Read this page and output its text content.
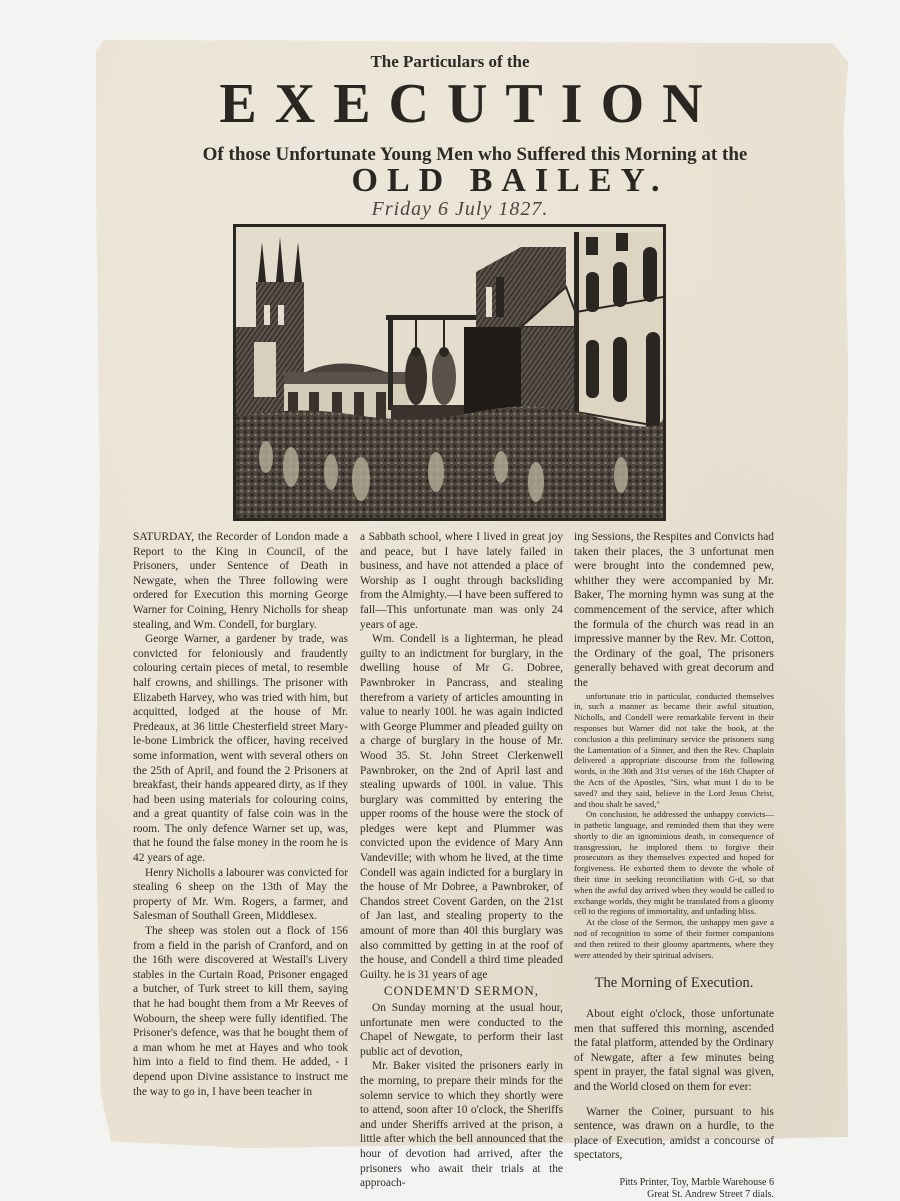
The Particulars of the
EXECUTION
Of those Unfortunate Young Men who Suffered this Morning at the
OLD BAILEY.
Friday 6 July 1827.

SATURDAY, the Recorder of London made a Report to the King in Council, of the Prisoners, under Sentence of Death in Newgate, when the Three following were ordered for Execution this morning George Warner for Coining, Henry Nicholls for sheap stealing, and Wm. Condell, for burglary.

George Warner, a gardener by trade, was convicted for feloniously and fraudently colouring certain pieces of metal, to resemble half crowns, and shillings. The prisoner with Elizabeth Harvey, who was tried with him, but acquitted, lodged at the house of Mr. Predeaux, at 36 little Chesterfield street Mary-le-bone Limbrick the officer, having received some information, went with several others on the 25th of April, and found the 2 Prisoners at breakfast, their hands appeared dirty, as if they had been using materials for colouring coins, and a great quantity of false coin was in the room. The only defence Warner set up, was, that he found the false money in the room he is 42 years of age.

Henry Nicholls a labourer was convicted for stealing 6 sheep on the 13th of May the property of Mr. Wm. Rogers, a farmer, and Salesman of Southall Green, Middlesex.

The sheep was stolen out a flock of 156 from a field in the parish of Cranford, and on the 16th were discovered at Westall's Livery stables in the Curtain Road, Prisoner engaged a butcher, of Turk street to kill them, saying that he had bought them from a Mr Reeves of Wobourn, the sheep were fully identified. The Prisoner's defence, was that he bought them of a man whom he met at Hayes and who took him into a field to find them. He added, - I depend upon Divine assistance to instruct me the way to go in, I have been teacher in

a Sabbath school, where I lived in great joy and peace, but I have lately failed in business, and have not attended a place of Worship as I ought through backsliding from the Almighty.—I have been suffered to fall—This unfortunate man was only 24 years of age.

Wm. Condell is a lighterman, he plead guilty to an indictment for burglary, in the dwelling house of Mr G. Dobree, Pawnbroker in Pancrass, and stealing therefrom a variety of articles amounting in value to nearly 100l. he was again indicted with George Plummer and pleaded guilty on a charge of burglary in the house of Mr. Wood 35. St. John Street Clerkenwell Pawnbroker, on the 2nd of April last and stealing upwards of 100l. in value. This burglary was committed by entering the upper rooms of the house were the stock of pledges were kept and Plummer was convicted upon the evidence of Mary Ann Vandeville; with whom he lived, at the time Condell was again indicted for a burglary in the house of Mr Dobree, a Pawnbroker, of Chandos street Covent Garden, on the 21st of Jan last, and stealing property to the amount of more than 40l this burglary was also committed by getting in at the roof of the house, and Condell a third time pleaded Guilty. he is 31 years of age

CONDEMN'D SERMON,

On Sunday morning at the usual hour, unfortunate men were conducted to the Chapel of Newgate, to perform their last public act of devotion,

Mr. Baker visited the prisoners early in the morning, to prepare their minds for the solemn service to which they shortly were to attend, soon after 10 o'clock, the Sheriffs and under Sheriffs arrived at the prison, a little after which the bell announced that the hour of devotion had arrived, after the prisoners who await their trials at the approach-

ing Sessions, the Respites and Convicts had taken their places, the 3 unfortunat men were brought into the condemned pew, whither they were accompanied by Mr. Baker, The morning hymn was sung at the commencement of the service, after which the formula of the church was read in an impressive manner by the Rev. Mr. Cotton, the Ordinary of the goal, The prisoners generally behaved with great decorum and the

unfortunate trio in particular, conducted themselves in, such a manner as became their awful situation, Nicholls, and Condell were remarkable fervent in their responses but Warner did not take the book, at the conclusion a this preliminary service the prisoners sung the Lamentation of a Sinner, and then the Rev. Chaplain delivered a appropriate discourse from the following words, in the 30th and 31st verses of the 16th Chapter of the Acts of the Apostles, "Sirs, what must I do to be saved? and they said, believe in the Lord Jesus Christ, and thou shalt be saved,"

On conclusion, he addressed the unhappy convicts—in pathetic language, and reminded them that they were shortly to die an ignominious death, in consequence of transgression, he implored them to forgive their prosecutors as they themselves expected and hoped for forgiveness. He exhorted them to devote the whole of their time in seeking reconciliation with G-d, so that when the awful day arrived when they would be called to exchange worlds, they might be translated from a gloomy cell to the regions of immortality, and unfading bliss.

At the close of the Sermon, the unhappy men gave a nod of recognition to some of their former companions and then retired to their gloomy apartments, where they were attended by their spiritual advisers.

The Morning of Execution.

About eight o'clock, those unfortunate men that suffered this morning, ascended the fatal platform, attended by the Ordinary of Newgate, after a few minutes being spent in prayer, the fatal signal was given, and the World closed on them for ever:

Warner the Coiner, pursuant to his sentence, was drawn on a hurdle, to the place of Execution, amidst a concourse of spectators,

Pitts Printer, Toy, Marble Warehouse 6
Great St. Andrew Street 7 dials.
